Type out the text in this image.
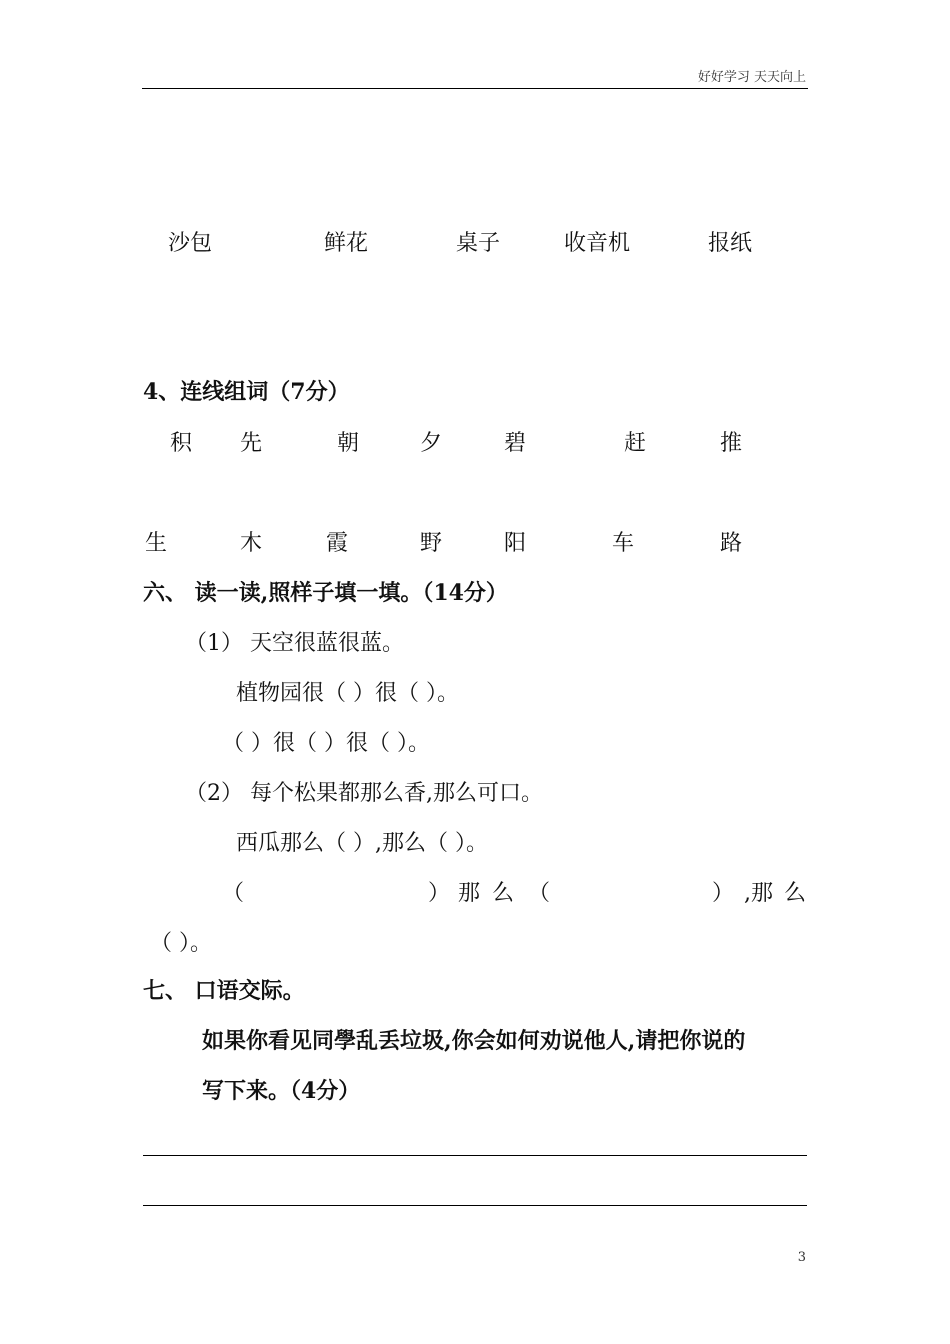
好好学习 天天向上
沙包	鲜花	桌子	收音机	报纸
4、连线组词（7分）
积 先	朝	夕	碧	赶	推
生	木	霞	野	阳	车	路
六、 读一读,照样子填一填。（14分）
（1） 天空很蓝很蓝。
植物园很（ ）很（ ）。
（ ）很（ ）很（ ）。
（2） 每个松果都那么香,那么可口。
西瓜那么（ ）,那么（ ）。
（	） 那 么 （	） ,那 么
（ ）。
七、 口语交际。
如果你看见同學乱丢垃圾,你会如何劝说他人,请把你说的
写下来。（4分）
3
